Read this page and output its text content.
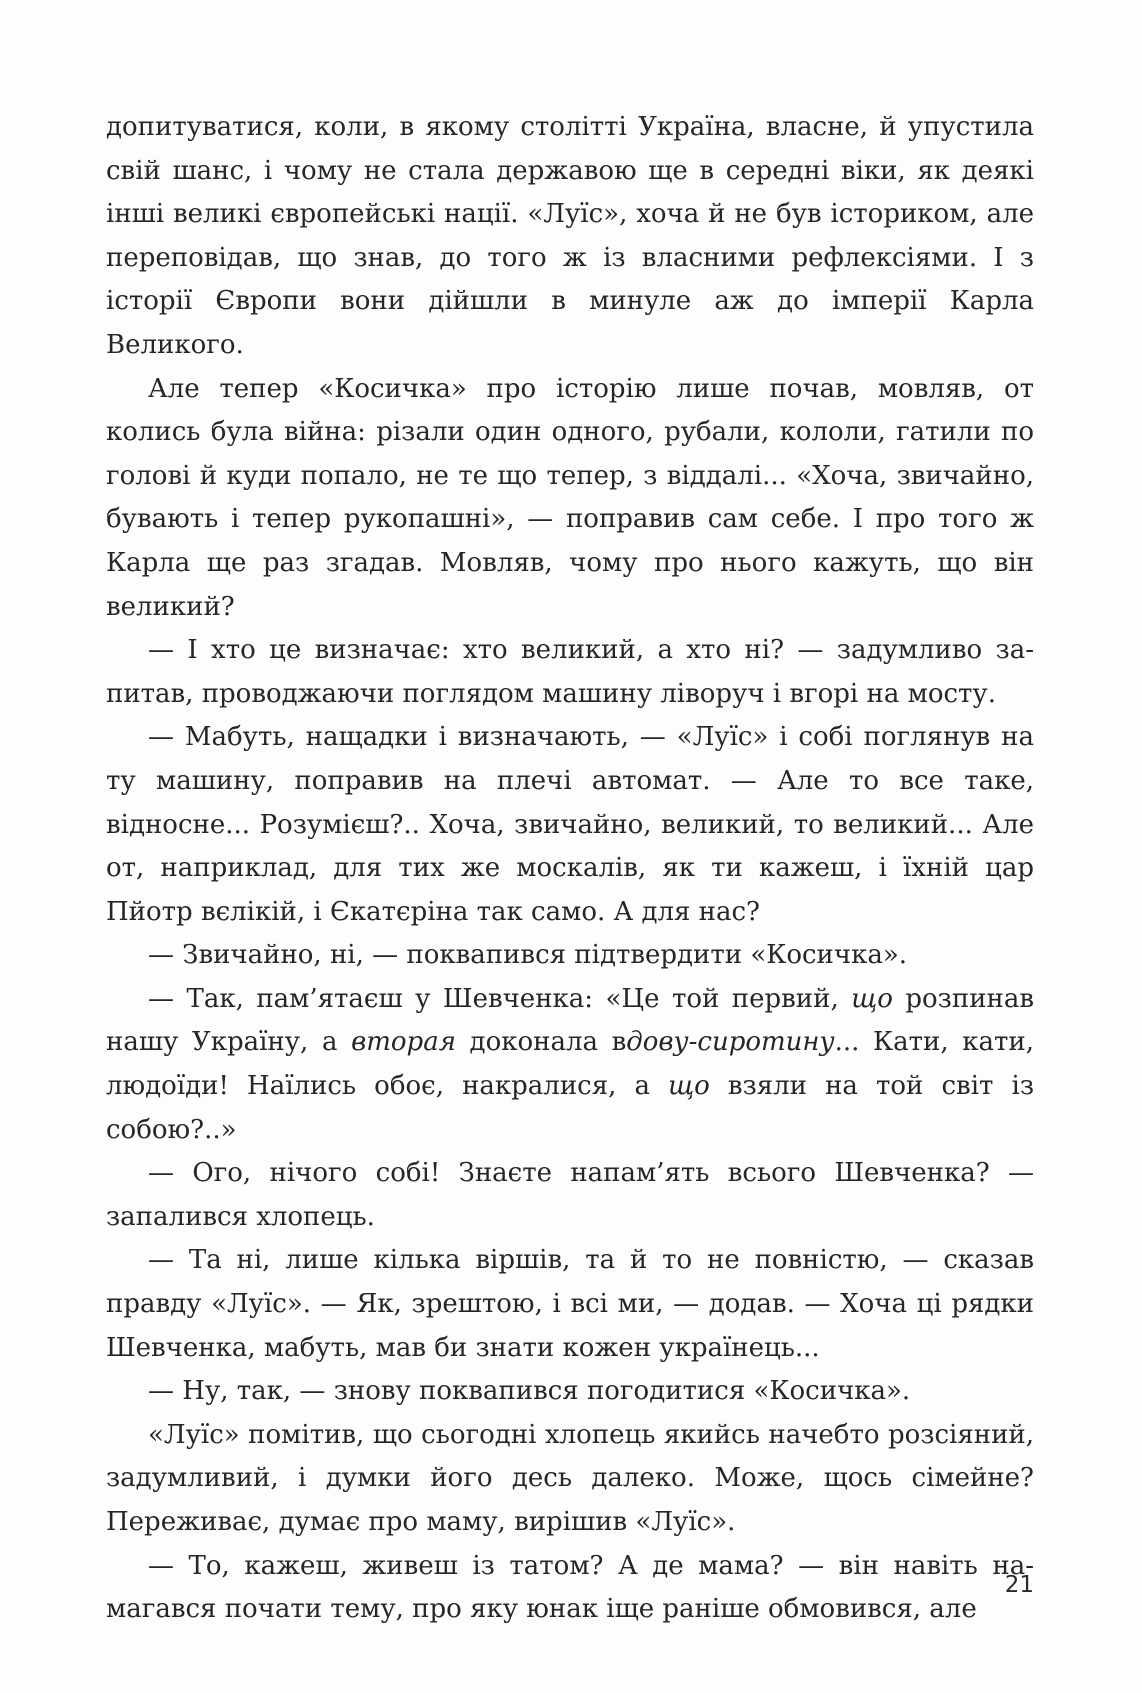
допитуватися, коли, в якому столітті Україна, власне, й упустила свій шанс, і чому не стала державою ще в середні віки, як деякі інші великі європейські нації. «Луїс», хоча й не був істориком, але переповідав, що знав, до того ж із власними рефлексіями. І з історії Європи вони дійшли в минуле аж до імперії Карла Великого.

Але тепер «Косичка» про історію лише почав, мовляв, от колись була війна: різали один одного, рубали, кололи, гатили по голові й куди попало, не те що тепер, з віддалі... «Хоча, звичайно, бувають і тепер рукопашні», — поправив сам себе. І про того ж Карла ще раз згадав. Мовляв, чому про нього кажуть, що він великий?

— І хто це визначає: хто великий, а хто ні? — задумливо запитав, проводжаючи поглядом машину ліворуч і вгорі на мосту.

— Мабуть, нащадки і визначають, — «Луїс» і собі поглянув на ту машину, поправив на плечі автомат. — Але то все таке, відносне... Розумієш?.. Хоча, звичайно, великий, то великий... Але от, наприклад, для тих же москалів, як ти кажеш, і їхній цар Пйотр вєлікій, і Єкатєріна так само. А для нас?

— Звичайно, ні, — поквапився підтвердити «Косичка».

— Так, пам’ятаєш у Шевченка: «Це той первий, що розпинав нашу Україну, а вторая доконала вдову-сиротину... Кати, кати, людоїди! Наїлись обоє, накралися, а що взяли на той світ із собою?..»

— Ого, нічого собі! Знаєте напам’ять всього Шевченка? — запалився хлопець.

— Та ні, лише кілька віршів, та й то не повністю, — сказав правду «Луїс». — Як, зрештою, і всі ми, — додав. — Хоча ці рядки Шевченка, мабуть, мав би знати кожен українець...

— Ну, так, — знову поквапився погодитися «Косичка».

«Луїс» помітив, що сьогодні хлопець якийсь начебто розсіяний, задумливий, і думки його десь далеко. Може, щось сімейне? Переживає, думає про маму, вирішив «Луїс».

— То, кажеш, живеш із татом? А де мама? — він навіть намагався почати тему, про яку юнак іще раніше обмовився, але

21
